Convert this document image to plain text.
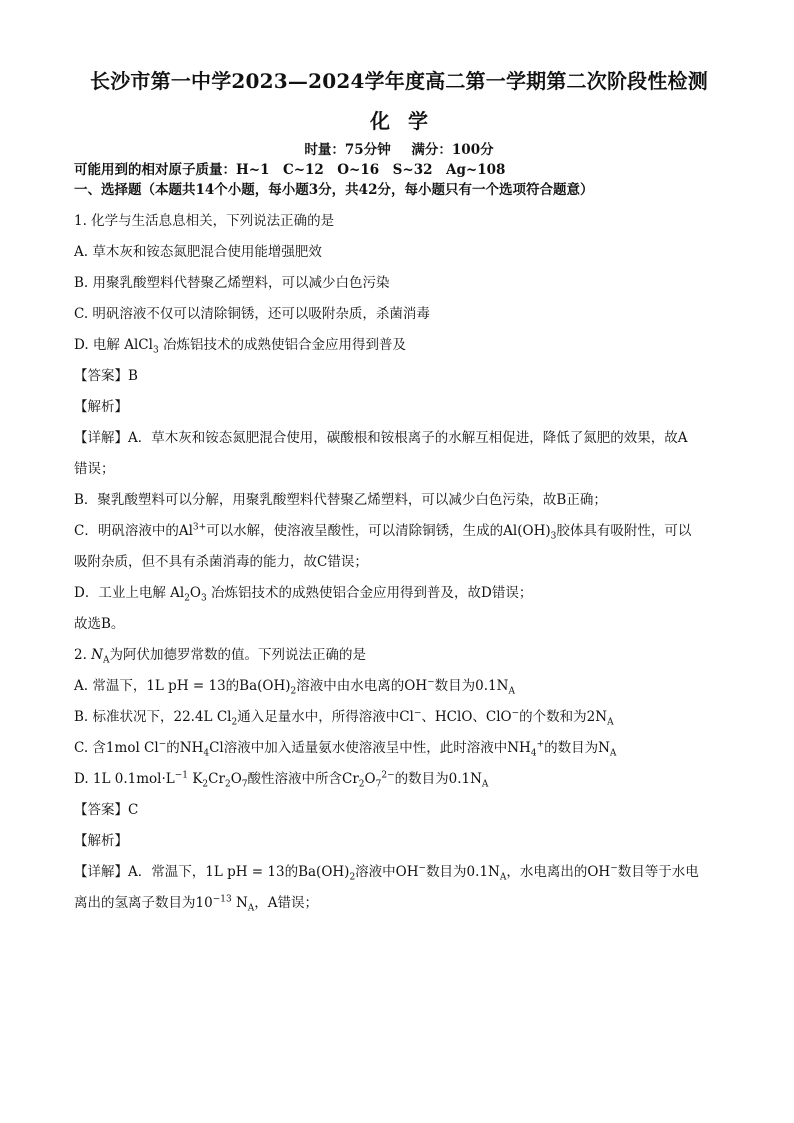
长沙市第一中学2023—2024学年度高二第一学期第二次阶段性检测
化学
时量：75分钟 满分：100分
可能用到的相对原子质量：H~1　C~12　O~16　S~32　Ag~108
一、选择题（本题共14个小题，每小题3分，共42分，每小题只有一个选项符合题意）
1. 化学与生活息息相关，下列说法正确的是
A. 草木灰和铵态氮肥混合使用能增强肥效
B. 用聚乳酸塑料代替聚乙烯塑料，可以减少白色污染
C. 明矾溶液不仅可以清除铜锈，还可以吸附杂质，杀菌消毒
D. 电解 AlCl$_3$ 冶炼铝技术的成熟使铝合金应用得到普及
【答案】B
【解析】
【详解】A．草木灰和铵态氮肥混合使用，碳酸根和铵根离子的水解互相促进，降低了氮肥的效果，故A
错误；
B．聚乳酸塑料可以分解，用聚乳酸塑料代替聚乙烯塑料，可以减少白色污染，故B正确；
C．明矾溶液中的$Al^{3+}$可以水解，使溶液呈酸性，可以清除铜锈，生成的$Al(OH)_3$胶体具有吸附性，可以
吸附杂质，但不具有杀菌消毒的能力，故C错误；
D．工业上电解 $Al_2O_3$ 冶炼铝技术的成熟使铝合金应用得到普及，故D错误；
故选B。
2. $N_A$为阿伏加德罗常数的值。下列说法正确的是
A. 常温下，1L pH = 13的$Ba(OH)_2$溶液中由水电离的OH−数目为$0.1N_A$
B. 标准状况下，22.4L $Cl_2$通入足量水中，所得溶液中Cl−、HClO、ClO−的个数和为$2N_A$
C. 含1mol Cl−的$NH_4Cl$溶液中加入适量氨水使溶液呈中性，此时溶液中$NH_4^+$的数目为$N_A$
D. 1L $0.1mol\cdot L^{-1}$ $K_2Cr_2O_7$酸性溶液中所含$Cr_2O_7^{2-}$的数目为$0.1N_A$
【答案】C
【解析】
【详解】A．常温下，1L pH = 13的$Ba(OH)_2$溶液中OH−数目为$0.1N_A$，水电离出的OH−数目等于水电
离出的氢离子数目为$10^{-13}$ $N_A$，A错误；
